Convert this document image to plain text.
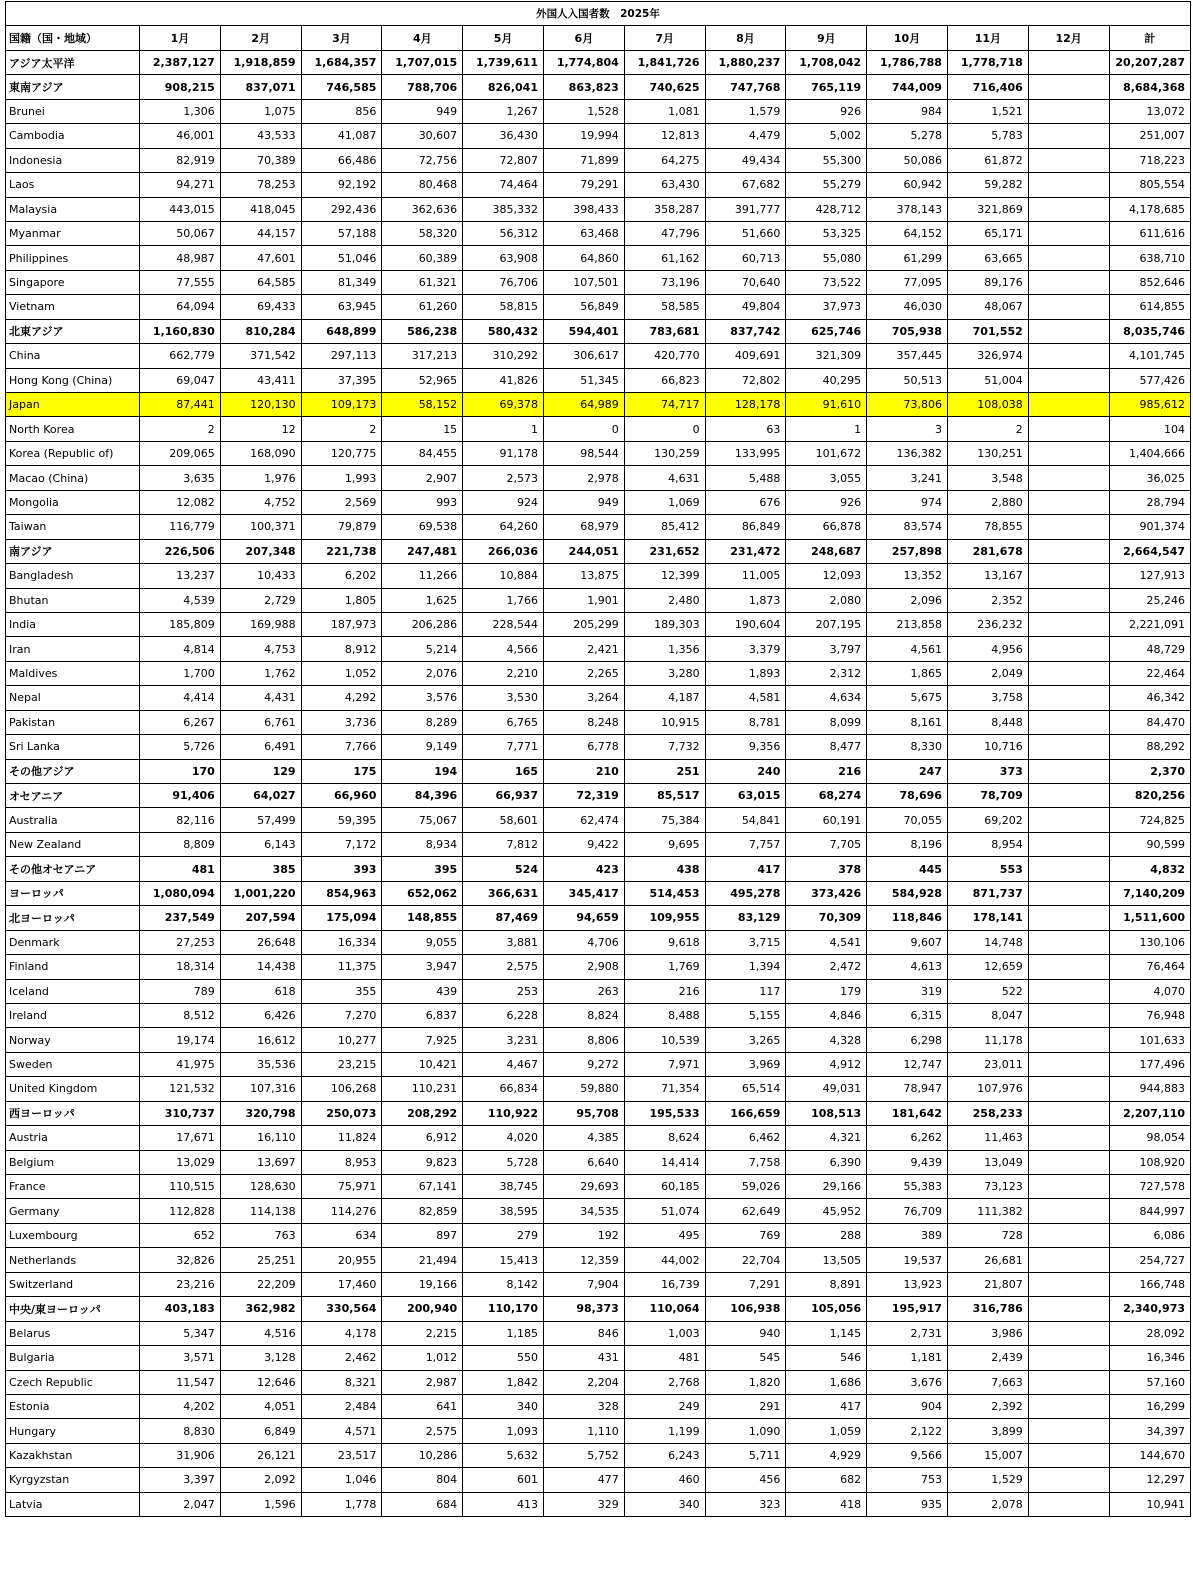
外国人入国者数　2025年													
国籍（国・地域）	1月	2月	3月	4月	5月	6月	7月	8月	9月	10月	11月	12月	計
アジア太平洋	2,387,127	1,918,859	1,684,357	1,707,015	1,739,611	1,774,804	1,841,726	1,880,237	1,708,042	1,786,788	1,778,718		20,207,287
東南アジア	908,215	837,071	746,585	788,706	826,041	863,823	740,625	747,768	765,119	744,009	716,406		8,684,368
Brunei	1,306	1,075	856	949	1,267	1,528	1,081	1,579	926	984	1,521		13,072
Cambodia	46,001	43,533	41,087	30,607	36,430	19,994	12,813	4,479	5,002	5,278	5,783		251,007
Indonesia	82,919	70,389	66,486	72,756	72,807	71,899	64,275	49,434	55,300	50,086	61,872		718,223
Laos	94,271	78,253	92,192	80,468	74,464	79,291	63,430	67,682	55,279	60,942	59,282		805,554
Malaysia	443,015	418,045	292,436	362,636	385,332	398,433	358,287	391,777	428,712	378,143	321,869		4,178,685
Myanmar	50,067	44,157	57,188	58,320	56,312	63,468	47,796	51,660	53,325	64,152	65,171		611,616
Philippines	48,987	47,601	51,046	60,389	63,908	64,860	61,162	60,713	55,080	61,299	63,665		638,710
Singapore	77,555	64,585	81,349	61,321	76,706	107,501	73,196	70,640	73,522	77,095	89,176		852,646
Vietnam	64,094	69,433	63,945	61,260	58,815	56,849	58,585	49,804	37,973	46,030	48,067		614,855
北東アジア	1,160,830	810,284	648,899	586,238	580,432	594,401	783,681	837,742	625,746	705,938	701,552		8,035,746
China	662,779	371,542	297,113	317,213	310,292	306,617	420,770	409,691	321,309	357,445	326,974		4,101,745
Hong Kong (China)	69,047	43,411	37,395	52,965	41,826	51,345	66,823	72,802	40,295	50,513	51,004		577,426
Japan	87,441	120,130	109,173	58,152	69,378	64,989	74,717	128,178	91,610	73,806	108,038		985,612
North Korea	2	12	2	15	1	0	0	63	1	3	2		104
Korea (Republic of)	209,065	168,090	120,775	84,455	91,178	98,544	130,259	133,995	101,672	136,382	130,251		1,404,666
Macao (China)	3,635	1,976	1,993	2,907	2,573	2,978	4,631	5,488	3,055	3,241	3,548		36,025
Mongolia	12,082	4,752	2,569	993	924	949	1,069	676	926	974	2,880		28,794
Taiwan	116,779	100,371	79,879	69,538	64,260	68,979	85,412	86,849	66,878	83,574	78,855		901,374
南アジア	226,506	207,348	221,738	247,481	266,036	244,051	231,652	231,472	248,687	257,898	281,678		2,664,547
Bangladesh	13,237	10,433	6,202	11,266	10,884	13,875	12,399	11,005	12,093	13,352	13,167		127,913
Bhutan	4,539	2,729	1,805	1,625	1,766	1,901	2,480	1,873	2,080	2,096	2,352		25,246
India	185,809	169,988	187,973	206,286	228,544	205,299	189,303	190,604	207,195	213,858	236,232		2,221,091
Iran	4,814	4,753	8,912	5,214	4,566	2,421	1,356	3,379	3,797	4,561	4,956		48,729
Maldives	1,700	1,762	1,052	2,076	2,210	2,265	3,280	1,893	2,312	1,865	2,049		22,464
Nepal	4,414	4,431	4,292	3,576	3,530	3,264	4,187	4,581	4,634	5,675	3,758		46,342
Pakistan	6,267	6,761	3,736	8,289	6,765	8,248	10,915	8,781	8,099	8,161	8,448		84,470
Sri Lanka	5,726	6,491	7,766	9,149	7,771	6,778	7,732	9,356	8,477	8,330	10,716		88,292
その他アジア	170	129	175	194	165	210	251	240	216	247	373		2,370
オセアニア	91,406	64,027	66,960	84,396	66,937	72,319	85,517	63,015	68,274	78,696	78,709		820,256
Australia	82,116	57,499	59,395	75,067	58,601	62,474	75,384	54,841	60,191	70,055	69,202		724,825
New Zealand	8,809	6,143	7,172	8,934	7,812	9,422	9,695	7,757	7,705	8,196	8,954		90,599
その他オセアニア	481	385	393	395	524	423	438	417	378	445	553		4,832
ヨーロッパ	1,080,094	1,001,220	854,963	652,062	366,631	345,417	514,453	495,278	373,426	584,928	871,737		7,140,209
北ヨーロッパ	237,549	207,594	175,094	148,855	87,469	94,659	109,955	83,129	70,309	118,846	178,141		1,511,600
Denmark	27,253	26,648	16,334	9,055	3,881	4,706	9,618	3,715	4,541	9,607	14,748		130,106
Finland	18,314	14,438	11,375	3,947	2,575	2,908	1,769	1,394	2,472	4,613	12,659		76,464
Iceland	789	618	355	439	253	263	216	117	179	319	522		4,070
Ireland	8,512	6,426	7,270	6,837	6,228	8,824	8,488	5,155	4,846	6,315	8,047		76,948
Norway	19,174	16,612	10,277	7,925	3,231	8,806	10,539	3,265	4,328	6,298	11,178		101,633
Sweden	41,975	35,536	23,215	10,421	4,467	9,272	7,971	3,969	4,912	12,747	23,011		177,496
United Kingdom	121,532	107,316	106,268	110,231	66,834	59,880	71,354	65,514	49,031	78,947	107,976		944,883
西ヨーロッパ	310,737	320,798	250,073	208,292	110,922	95,708	195,533	166,659	108,513	181,642	258,233		2,207,110
Austria	17,671	16,110	11,824	6,912	4,020	4,385	8,624	6,462	4,321	6,262	11,463		98,054
Belgium	13,029	13,697	8,953	9,823	5,728	6,640	14,414	7,758	6,390	9,439	13,049		108,920
France	110,515	128,630	75,971	67,141	38,745	29,693	60,185	59,026	29,166	55,383	73,123		727,578
Germany	112,828	114,138	114,276	82,859	38,595	34,535	51,074	62,649	45,952	76,709	111,382		844,997
Luxembourg	652	763	634	897	279	192	495	769	288	389	728		6,086
Netherlands	32,826	25,251	20,955	21,494	15,413	12,359	44,002	22,704	13,505	19,537	26,681		254,727
Switzerland	23,216	22,209	17,460	19,166	8,142	7,904	16,739	7,291	8,891	13,923	21,807		166,748
中央/東ヨーロッパ	403,183	362,982	330,564	200,940	110,170	98,373	110,064	106,938	105,056	195,917	316,786		2,340,973
Belarus	5,347	4,516	4,178	2,215	1,185	846	1,003	940	1,145	2,731	3,986		28,092
Bulgaria	3,571	3,128	2,462	1,012	550	431	481	545	546	1,181	2,439		16,346
Czech Republic	11,547	12,646	8,321	2,987	1,842	2,204	2,768	1,820	1,686	3,676	7,663		57,160
Estonia	4,202	4,051	2,484	641	340	328	249	291	417	904	2,392		16,299
Hungary	8,830	6,849	4,571	2,575	1,093	1,110	1,199	1,090	1,059	2,122	3,899		34,397
Kazakhstan	31,906	26,121	23,517	10,286	5,632	5,752	6,243	5,711	4,929	9,566	15,007		144,670
Kyrgyzstan	3,397	2,092	1,046	804	601	477	460	456	682	753	1,529		12,297
Latvia	2,047	1,596	1,778	684	413	329	340	323	418	935	2,078		10,941
